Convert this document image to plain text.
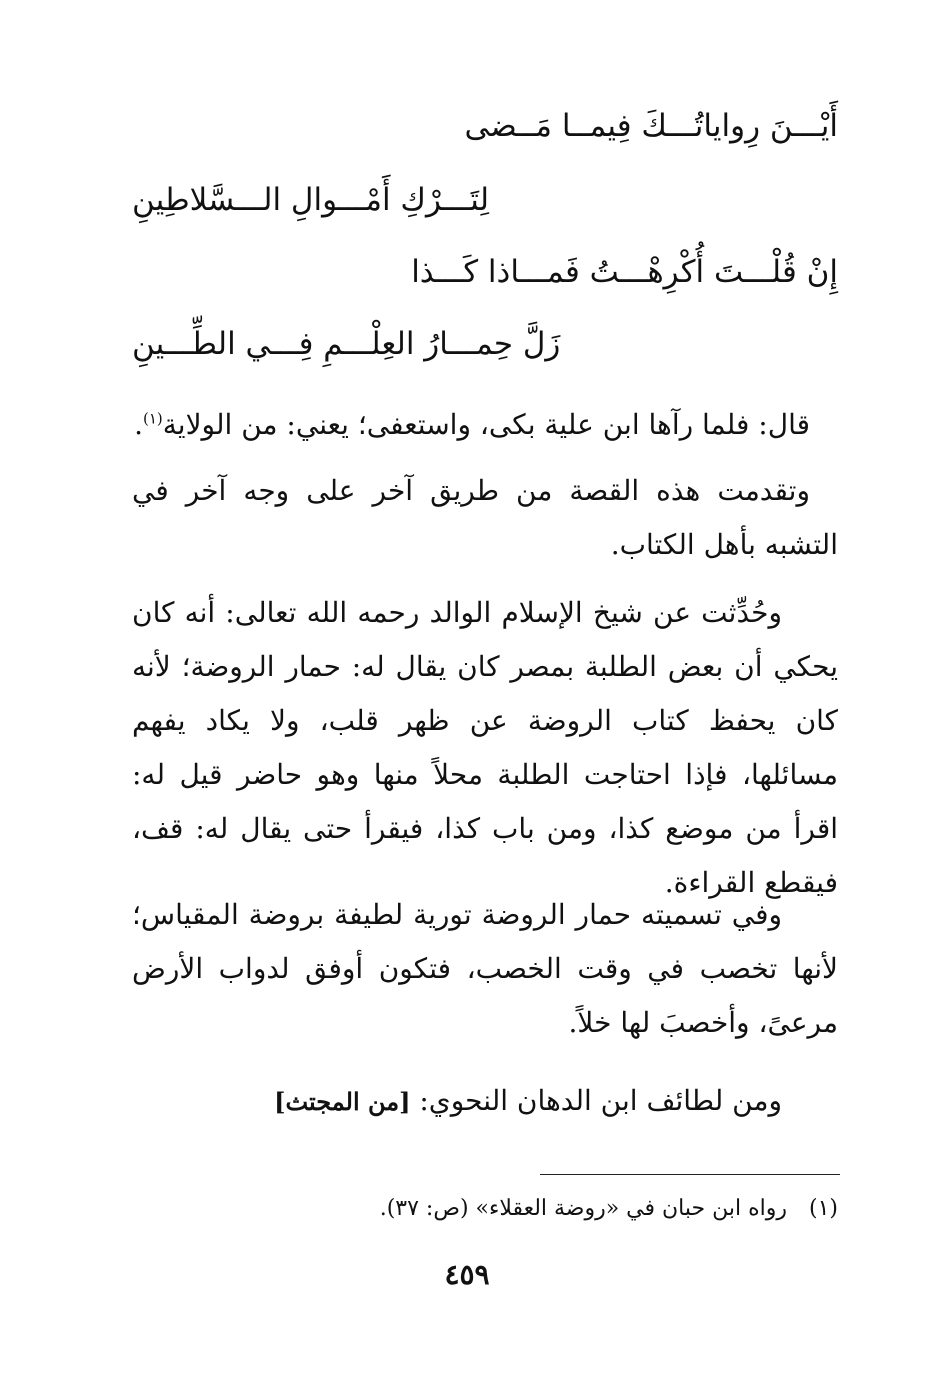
أَيْـــنَ رِواياتُـــكَ فِيمــا مَــضى
لِتَـــرْكِ أَمْـــوالِ الـــسَّلاطِينِ
إِنْ قُلْـــتَ أُكْرِهْـــتُ فَمـــاذا كَـــذا
زَلَّ حِمـــارُ العِلْـــمِ فِـــي الطِّـــينِ

قال: فلما رآها ابن علية بكى، واستعفى؛ يعني: من الولاية$^{(١)}$.

وتقدمت هذه القصة من طريق آخر على وجه آخر في التشبه بأهل الكتاب.

وحُدِّثت عن شيخ الإسلام الوالد رحمه الله تعالى: أنه كان يحكي أن بعض الطلبة بمصر كان يقال له: حمار الروضة؛ لأنه كان يحفظ كتاب الروضة عن ظهر قلب، ولا يكاد يفهم مسائلها، فإذا احتاجت الطلبة محلاً منها وهو حاضر قيل له: اقرأ من موضع كذا، ومن باب كذا، فيقرأ حتى يقال له: قف، فيقطع القراءة.

وفي تسميته حمار الروضة تورية لطيفة بروضة المقياس؛ لأنها تخصب في وقت الخصب، فتكون أوفق لدواب الأرض مرعىً، وأخصبَ لها خلاً.

ومن لطائف ابن الدهان النحوي: [من المجتث]

(١)رواه ابن حبان في «روضة العقلاء» (ص: ٣٧).
٤٥٩
